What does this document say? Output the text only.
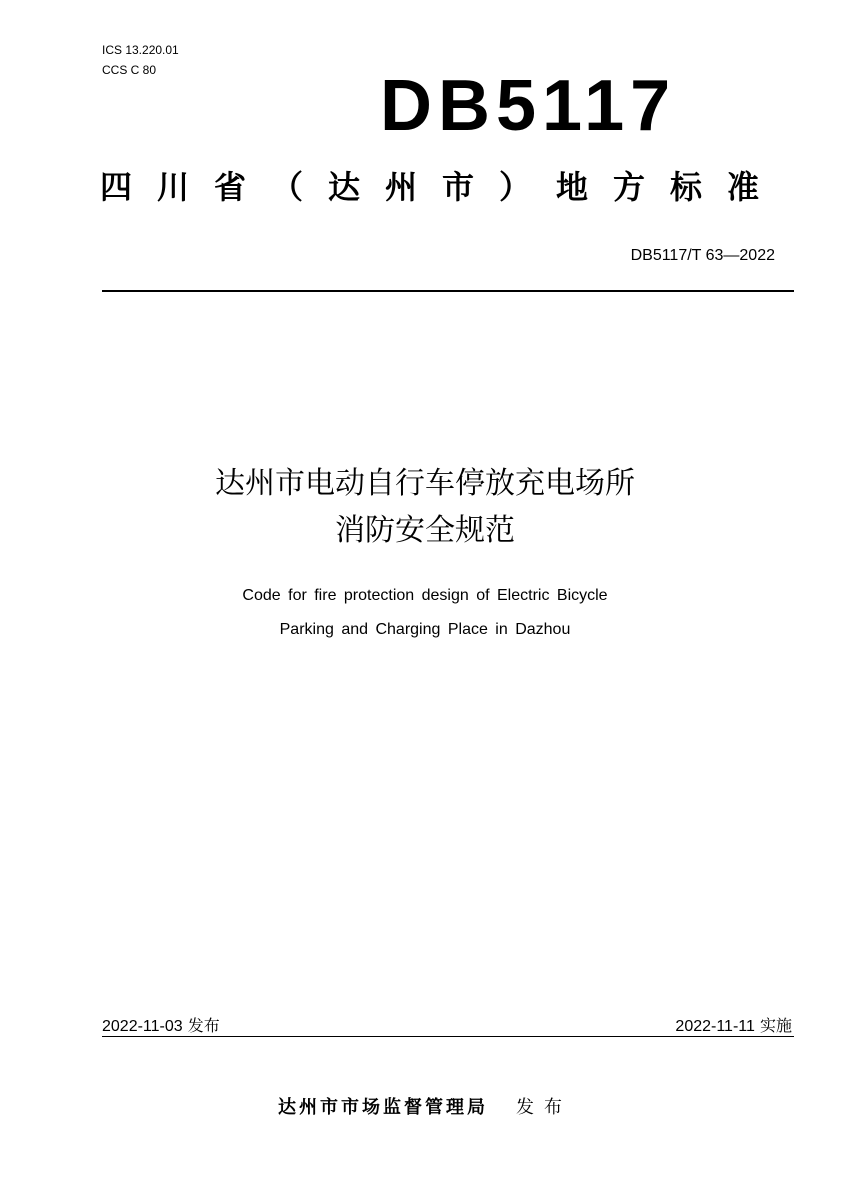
ICS 13.220.01
CCS C 80	DB5117
四川省（达州市）地方标准
DB5117/T 63—2022
达州市电动自行车停放充电场所
消防安全规范
Code for fire protection design of Electric Bicycle
Parking and Charging Place in Dazhou
2022-11-03 发布	2022-11-11 实施
达州市市场监督管理局 发布
